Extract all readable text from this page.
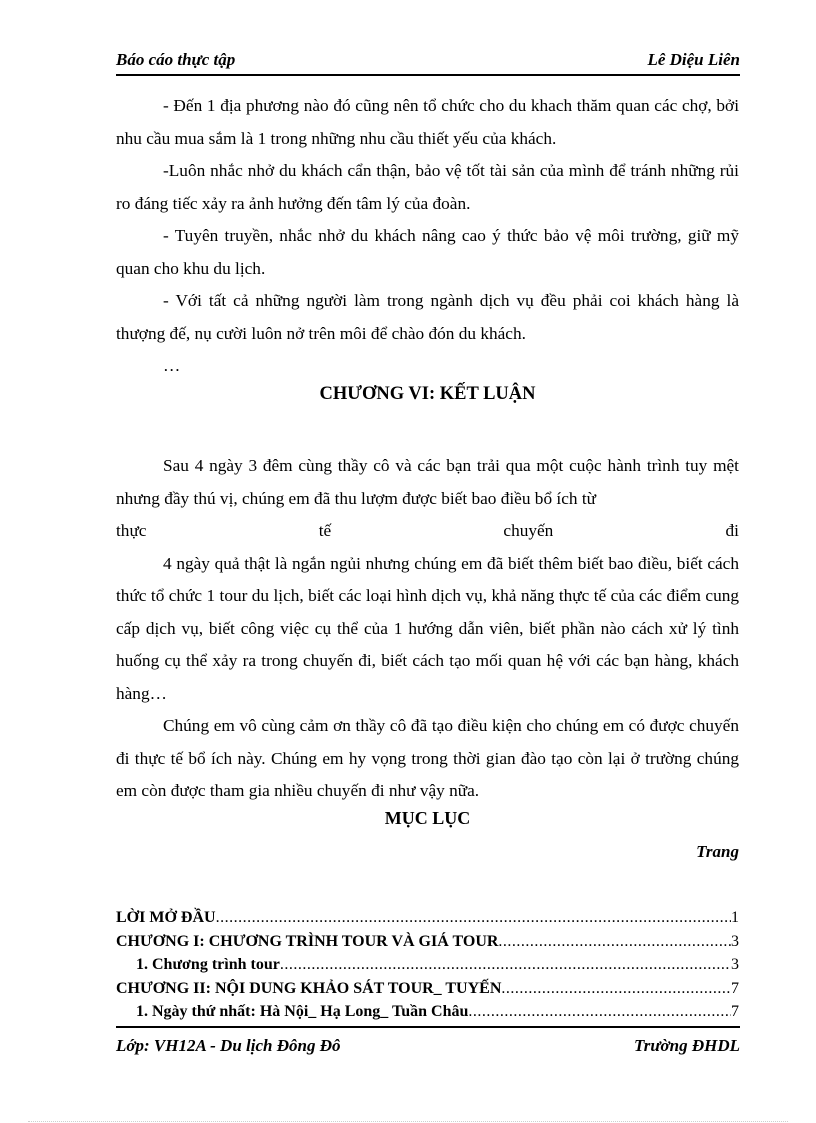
Báo cáo thực tập	Lê Diệu Liên

- Đến 1 địa phương nào đó cũng nên tổ chức cho du khach thăm quan các chợ, bởi nhu cầu mua sắm là 1 trong những nhu cầu thiết yếu của khách.

-Luôn nhắc nhở du khách cẩn thận, bảo vệ tốt tài sản của mình để tránh những rủi ro đáng tiếc xảy ra ảnh hưởng đến tâm lý của đoàn.

- Tuyên truyền, nhắc nhở du khách nâng cao ý thức bảo vệ môi trường, giữ mỹ quan cho khu du lịch.

- Với tất cả những người làm trong ngành dịch vụ đều phải coi khách hàng là thượng đế, nụ cười luôn nở trên môi để chào đón du khách.

…
CHƯƠNG VI: KẾT LUẬN

Sau 4 ngày 3 đêm cùng thầy cô và các bạn trải qua một cuộc hành trình tuy mệt nhưng đầy thú vị, chúng em đã thu lượm được biết bao điều bổ ích từ

thực	tế	chuyến	đi

4 ngày quả thật là ngắn ngủi nhưng chúng em đã biết thêm biết bao điều, biết cách thức tổ chức 1 tour du lịch, biết các loại hình dịch vụ, khả năng thực tế của các điểm cung cấp dịch vụ, biết công việc cụ thể của 1 hướng dẫn viên, biết phần nào cách xử lý tình huống cụ thể xảy ra trong chuyến đi, biết cách tạo mối quan hệ với các bạn hàng, khách hàng…

Chúng em vô cùng cảm ơn thầy cô đã tạo điều kiện cho chúng em có được chuyến đi thực tế bổ ích này. Chúng em hy vọng trong thời gian đào tạo còn lại ở trường chúng em còn được tham gia nhiều chuyến đi như vậy nữa.

MỤC LỤC
Trang
LỜI MỞ ĐẦU .....	1
CHƯƠNG I: CHƯƠNG TRÌNH TOUR VÀ GIÁ TOUR .....	3
1. Chương trình tour .....	3
CHƯƠNG II: NỘI DUNG KHẢO SÁT TOUR_ TUYẾN .....	7
1. Ngày thứ nhất: Hà Nội_ Hạ Long_ Tuần Châu .....	7
Lớp: VH12A - Du lịch Đông Đô	Trường ĐHDL
